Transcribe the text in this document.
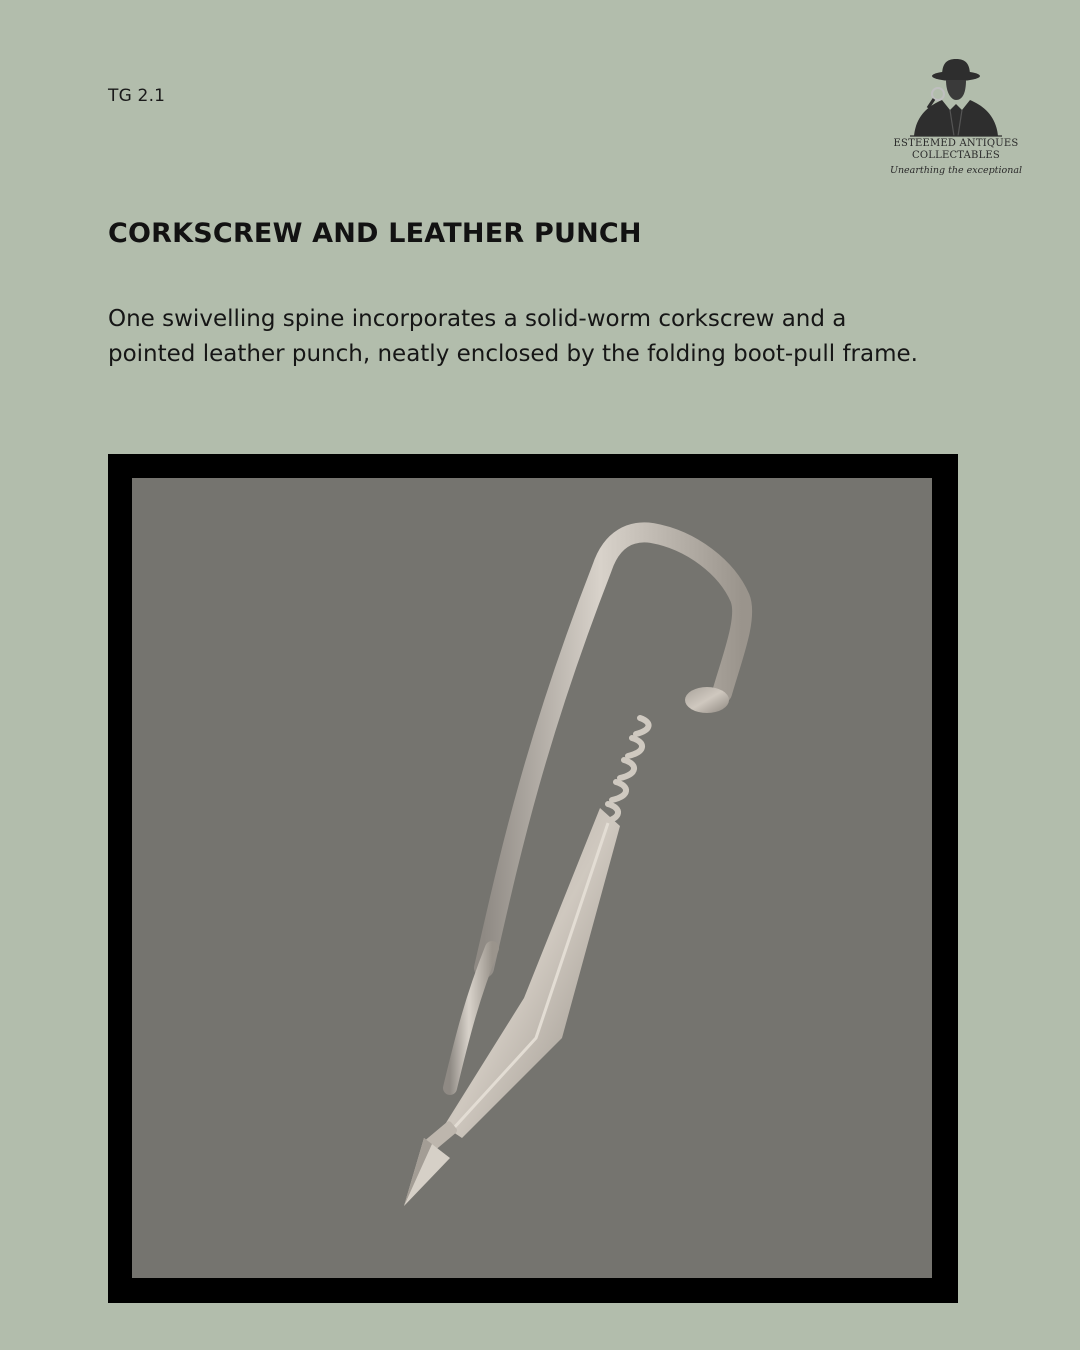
TG 2.1
ESTEEMED ANTIQUES
COLLECTABLES
Unearthing the exceptional
CORKSCREW AND LEATHER PUNCH

One swivelling spine incorporates a solid-worm corkscrew and a pointed leather punch, neatly enclosed by the folding boot-pull frame.
